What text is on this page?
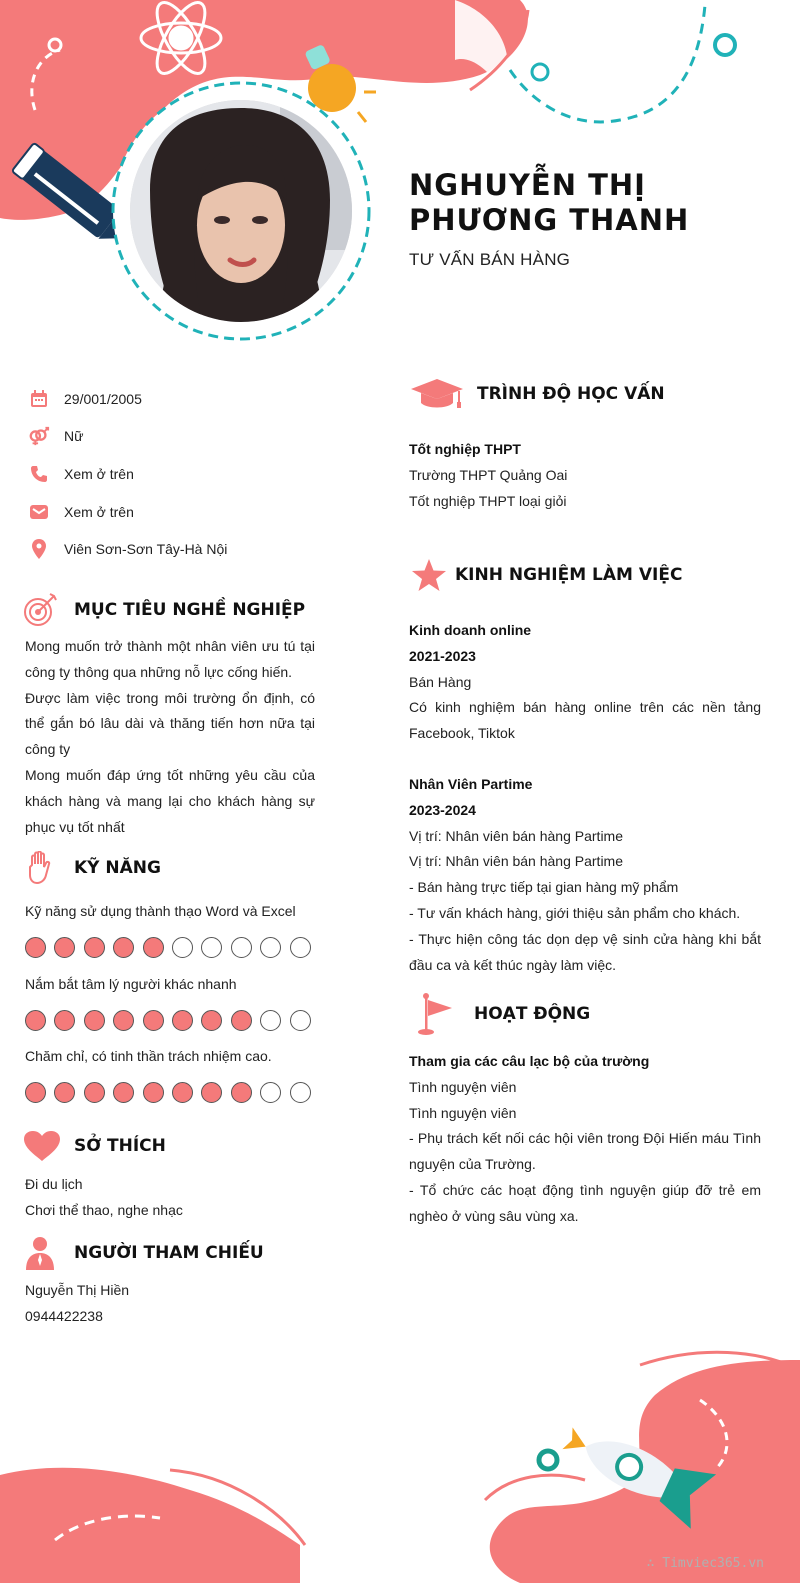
NGHUYỄN THỊ
PHƯƠNG THANH
TƯ VẤN BÁN HÀNG
29/001/2005
Nữ
Xem ở trên
Xem ở trên
Viên Sơn-Sơn Tây-Hà Nội
MỤC TIÊU NGHỀ NGHIỆP

Mong muốn trở thành một nhân viên ưu tú tại công ty thông qua những nỗ lực cống hiến.

Được làm việc trong môi trường ổn định, có thể gắn bó lâu dài và thăng tiến hơn nữa tại công ty

Mong muốn đáp ứng tốt những yêu cầu của khách hàng và mang lại cho khách hàng sự phục vụ tốt nhất

KỸ NĂNG
Kỹ năng sử dụng thành thạo Word và Excel
Nắm bắt tâm lý người khác nhanh
Chăm chỉ, có tinh thần trách nhiệm cao.
SỞ THÍCH

Đi du lịch

Chơi thể thao, nghe nhạc

NGƯỜI THAM CHIẾU

Nguyễn Thị Hiền

0944422238

TRÌNH ĐỘ HỌC VẤN

Tốt nghiệp THPT

Trường THPT Quảng Oai

Tốt nghiệp THPT loại giỏi

KINH NGHIỆM LÀM VIỆC

Kinh doanh online

2021-2023

Bán Hàng

Có kinh nghiệm bán hàng online trên các nền tảng Facebook, Tiktok

Nhân Viên Partime

2023-2024

Vị trí: Nhân viên bán hàng Partime

Vị trí: Nhân viên bán hàng Partime

- Bán hàng trực tiếp tại gian hàng mỹ phẩm

- Tư vấn khách hàng, giới thiệu sản phẩm cho khách.

- Thực hiện công tác dọn dẹp vệ sinh cửa hàng khi bắt đầu ca và kết thúc ngày làm việc.

HOẠT ĐỘNG

Tham gia các câu lạc bộ của trường

Tình nguyện viên

Tình nguyện viên

- Phụ trách kết nối các hội viên trong Đội Hiến máu Tình nguyện của Trường.

- Tổ chức các hoạt động tình nguyện giúp đỡ trẻ em nghèo ở vùng sâu vùng xa.

∴ Timviec365.vn
